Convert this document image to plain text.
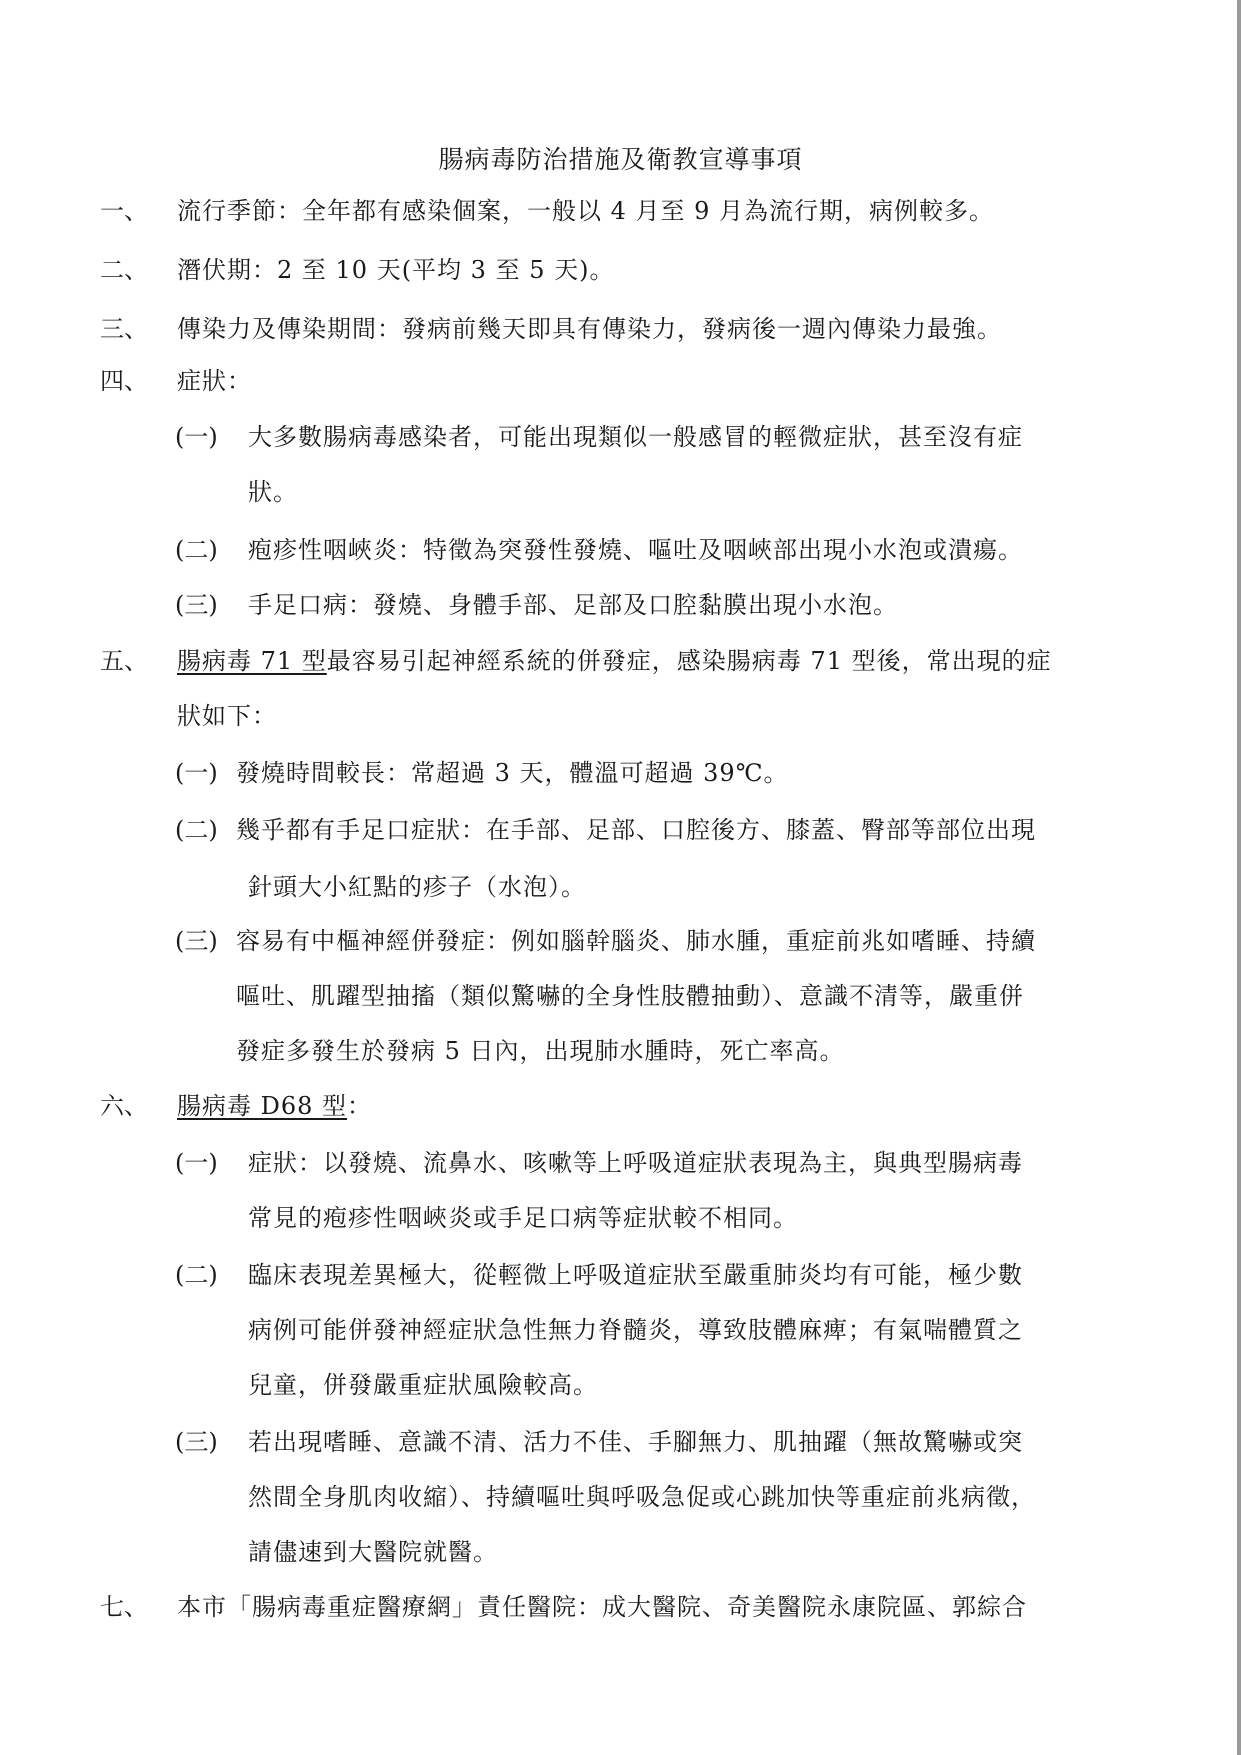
腸病毒防治措施及衛教宣導事項
一、 流行季節：全年都有感染個案，一般以 4 月至 9 月為流行期，病例較多。
二、 潛伏期：2 至 10 天(平均 3 至 5 天)。
三、 傳染力及傳染期間：發病前幾天即具有傳染力，發病後一週內傳染力最強。
四、 症狀：
(一) 大多數腸病毒感染者，可能出現類似一般感冒的輕微症狀，甚至沒有症
狀。
(二) 疱疹性咽峽炎：特徵為突發性發燒、嘔吐及咽峽部出現小水泡或潰瘍。
(三) 手足口病：發燒、身體手部、足部及口腔黏膜出現小水泡。
五、 腸病毒 71 型最容易引起神經系統的併發症，感染腸病毒 71 型後，常出現的症
狀如下：
(一) 發燒時間較長：常超過 3 天，體溫可超過 39℃。
(二) 幾乎都有手足口症狀：在手部、足部、口腔後方、膝蓋、臀部等部位出現
針頭大小紅點的疹子（水泡）。
(三) 容易有中樞神經併發症：例如腦幹腦炎、肺水腫，重症前兆如嗜睡、持續
嘔吐、肌躍型抽搐（類似驚嚇的全身性肢體抽動）、意識不清等，嚴重併
發症多發生於發病 5 日內，出現肺水腫時，死亡率高。
六、 腸病毒 D68 型：
(一) 症狀：以發燒、流鼻水、咳嗽等上呼吸道症狀表現為主，與典型腸病毒
常見的疱疹性咽峽炎或手足口病等症狀較不相同。
(二) 臨床表現差異極大，從輕微上呼吸道症狀至嚴重肺炎均有可能，極少數
病例可能併發神經症狀急性無力脊髓炎，導致肢體麻痺；有氣喘體質之
兒童，併發嚴重症狀風險較高。
(三) 若出現嗜睡、意識不清、活力不佳、手腳無力、肌抽躍（無故驚嚇或突
然間全身肌肉收縮）、持續嘔吐與呼吸急促或心跳加快等重症前兆病徵，
請儘速到大醫院就醫。
七、 本市「腸病毒重症醫療網」責任醫院：成大醫院、奇美醫院永康院區、郭綜合
